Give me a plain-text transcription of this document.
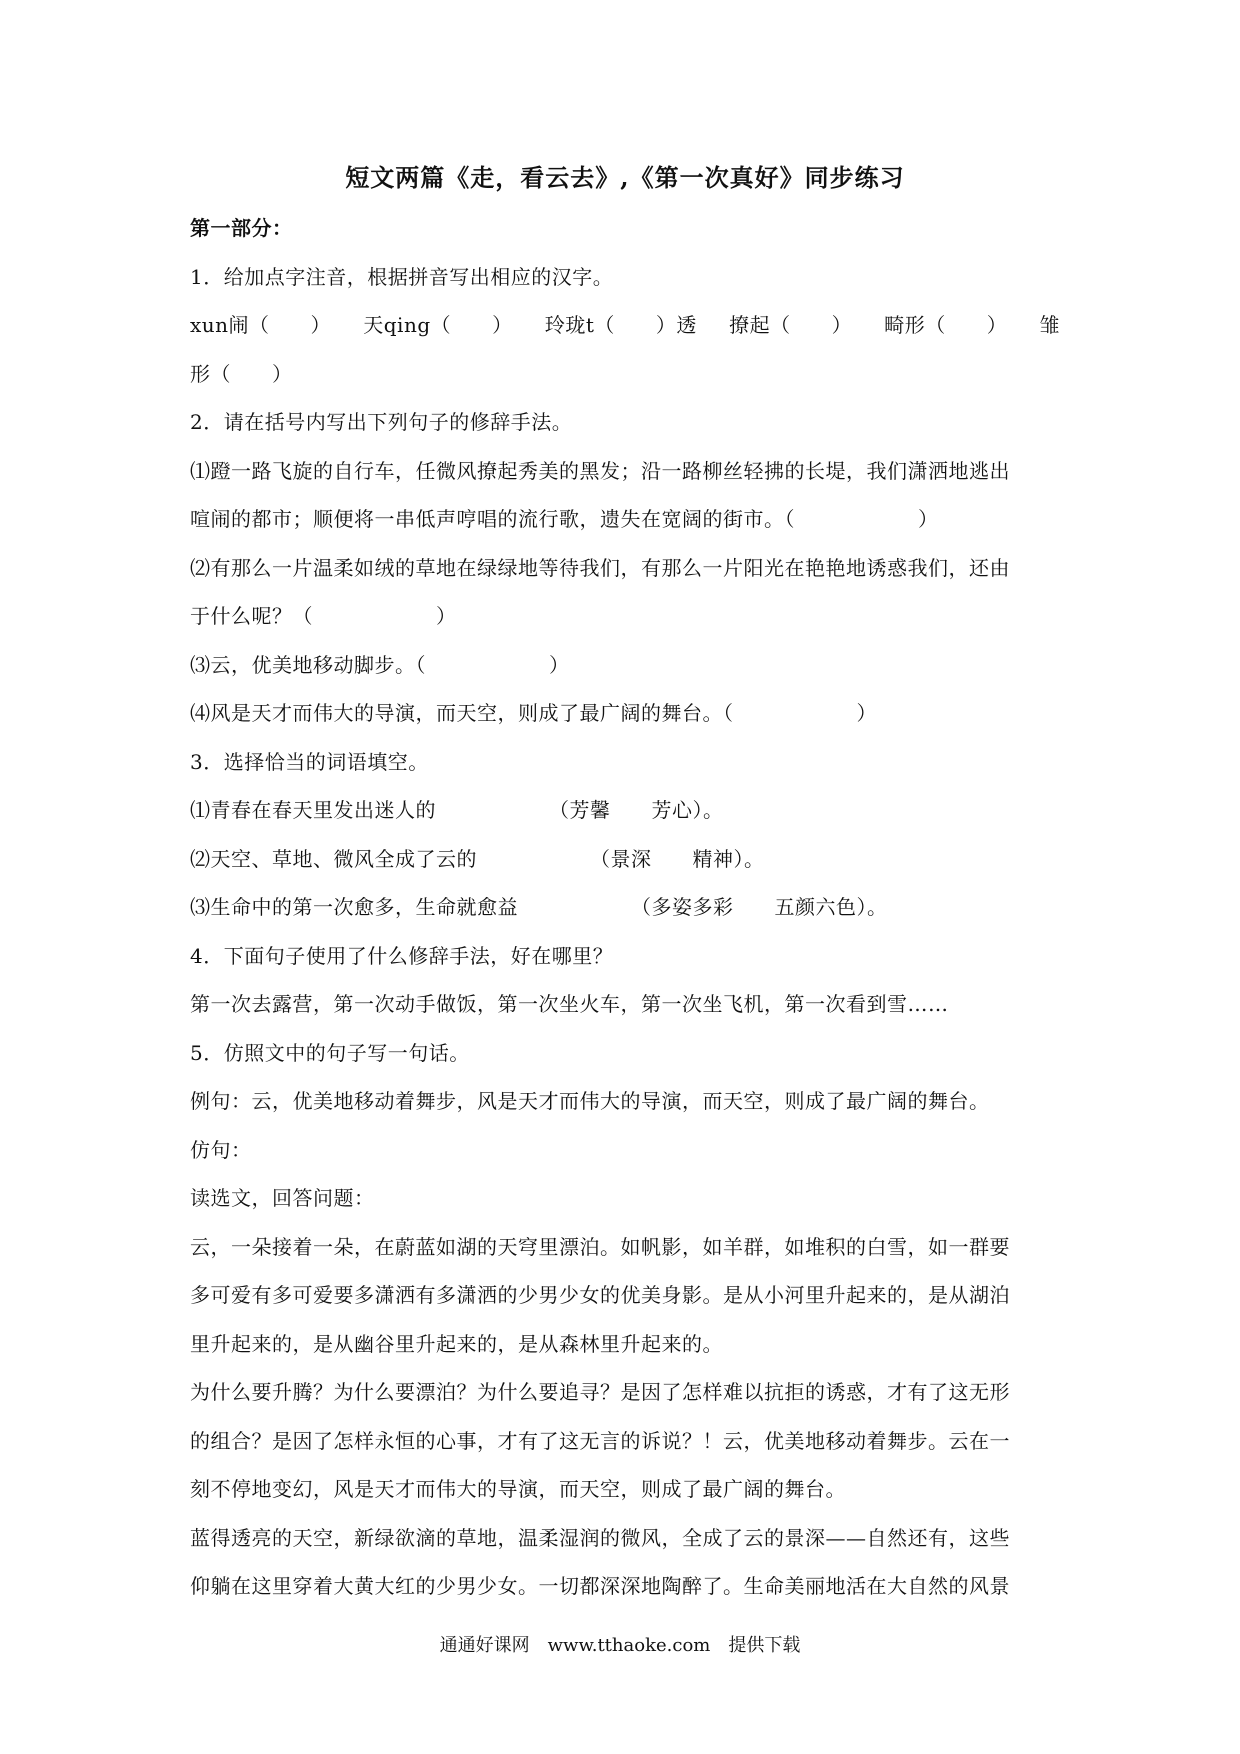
短文两篇《走，看云去》,《第一次真好》同步练习
第一部分：
1．给加点字注音，根据拼音写出相应的汉字。
xun闹（　　） 天qing（　　） 玲珑t（　　）透 撩起（　　） 畸形（　　） 雏
形（　　）
2．请在括号内写出下列句子的修辞手法。
⑴蹬一路飞旋的自行车，任微风撩起秀美的黑发；沿一路柳丝轻拂的长堤，我们潇洒地逃出
喧闹的都市；顺便将一串低声哼唱的流行歌，遗失在宽阔的街市。（　　　　　　）
⑵有那么一片温柔如绒的草地在绿绿地等待我们，有那么一片阳光在艳艳地诱惑我们，还由
于什么呢？（　　　　　　）
⑶云，优美地移动脚步。（　　　　　　）
⑷风是天才而伟大的导演，而天空，则成了最广阔的舞台。（　　　　　　）
3．选择恰当的词语填空。
⑴青春在春天里发出迷人的　　　　　　（芳馨　　芳心）。
⑵天空、草地、微风全成了云的　　　　　　（景深　　精神）。
⑶生命中的第一次愈多，生命就愈益　　　　　　（多姿多彩　　五颜六色）。
4．下面句子使用了什么修辞手法，好在哪里？
第一次去露营，第一次动手做饭，第一次坐火车，第一次坐飞机，第一次看到雪……
5．仿照文中的句子写一句话。
例句：云，优美地移动着舞步，风是天才而伟大的导演，而天空，则成了最广阔的舞台。
仿句：
读选文，回答问题：
云，一朵接着一朵，在蔚蓝如湖的天穹里漂泊。如帆影，如羊群，如堆积的白雪，如一群要
多可爱有多可爱要多潇洒有多潇洒的少男少女的优美身影。是从小河里升起来的，是从湖泊
里升起来的，是从幽谷里升起来的，是从森林里升起来的。
为什么要升腾？为什么要漂泊？为什么要追寻？是因了怎样难以抗拒的诱惑，才有了这无形
的组合？是因了怎样永恒的心事，才有了这无言的诉说？！云，优美地移动着舞步。云在一
刻不停地变幻，风是天才而伟大的导演，而天空，则成了最广阔的舞台。
蓝得透亮的天空，新绿欲滴的草地，温柔湿润的微风，全成了云的景深——自然还有，这些
仰躺在这里穿着大黄大红的少男少女。一切都深深地陶醉了。生命美丽地活在大自然的风景
通通好课网　www.tthaoke.com　提供下载
